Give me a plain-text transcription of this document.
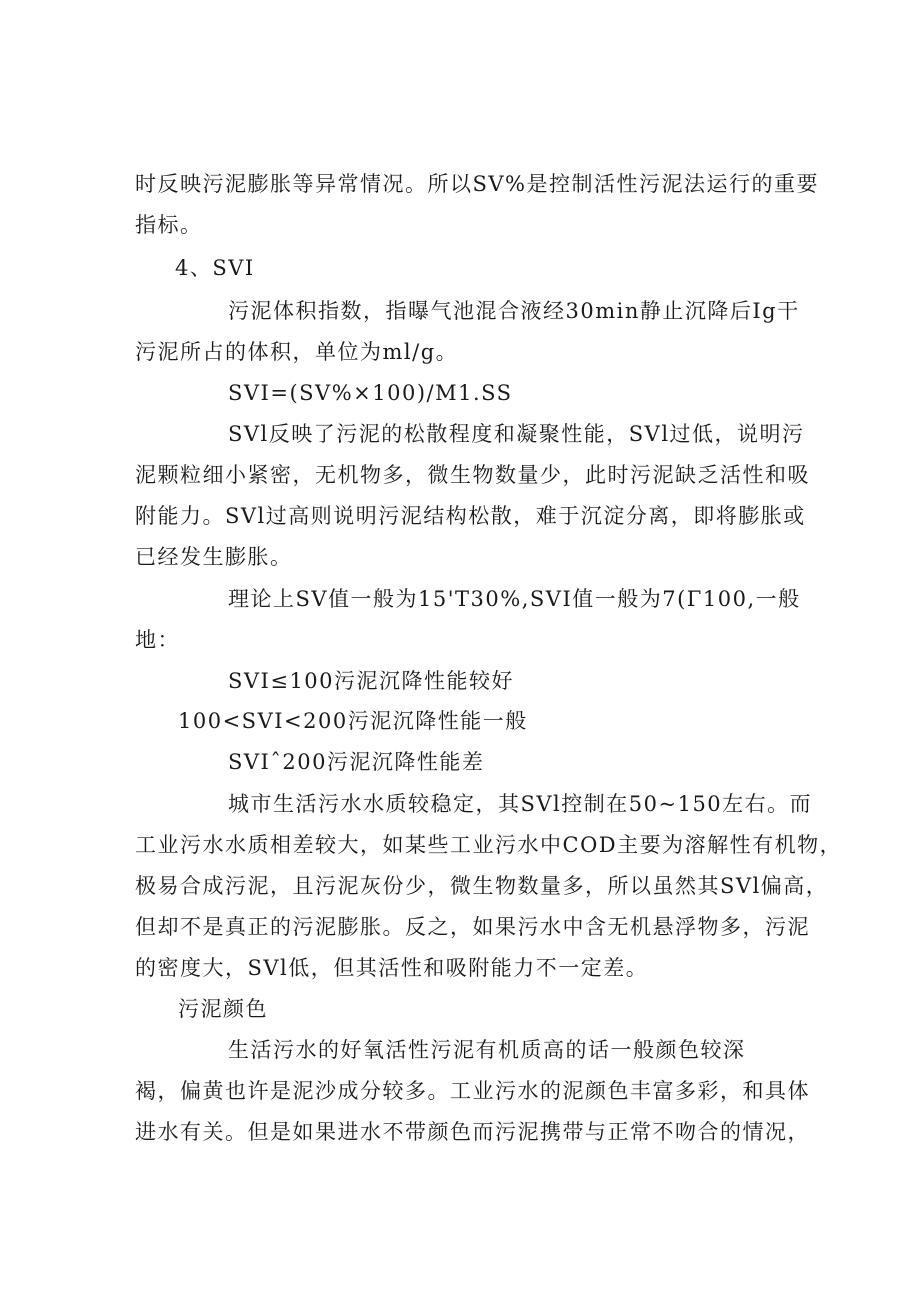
时反映污泥膨胀等异常情况。所以SV%是控制活性污泥法运行的重要
指标。
4、SVI
污泥体积指数，指曝气池混合液经30min静止沉降后Ig干
污泥所占的体积，单位为ml/g。
SVI=(SV%×100)/M1.SS
SVl反映了污泥的松散程度和凝聚性能，SVl过低，说明污
泥颗粒细小紧密，无机物多，微生物数量少，此时污泥缺乏活性和吸
附能力。SVl过高则说明污泥结构松散，难于沉淀分离，即将膨胀或
已经发生膨胀。
理论上SV值一般为15'T30%,SVI值一般为7(Γ100,一般
地：
SVI≤100污泥沉降性能较好
100<SVI<200污泥沉降性能一般
SVIˆ200污泥沉降性能差
城市生活污水水质较稳定，其SVl控制在50~150左右。而
工业污水水质相差较大，如某些工业污水中COD主要为溶解性有机物，
极易合成污泥，且污泥灰份少，微生物数量多，所以虽然其SVl偏高，
但却不是真正的污泥膨胀。反之，如果污水中含无机悬浮物多，污泥
的密度大，SVl低，但其活性和吸附能力不一定差。
污泥颜色
生活污水的好氧活性污泥有机质高的话一般颜色较深
褐，偏黄也许是泥沙成分较多。工业污水的泥颜色丰富多彩，和具体
进水有关。但是如果进水不带颜色而污泥携带与正常不吻合的情况，
